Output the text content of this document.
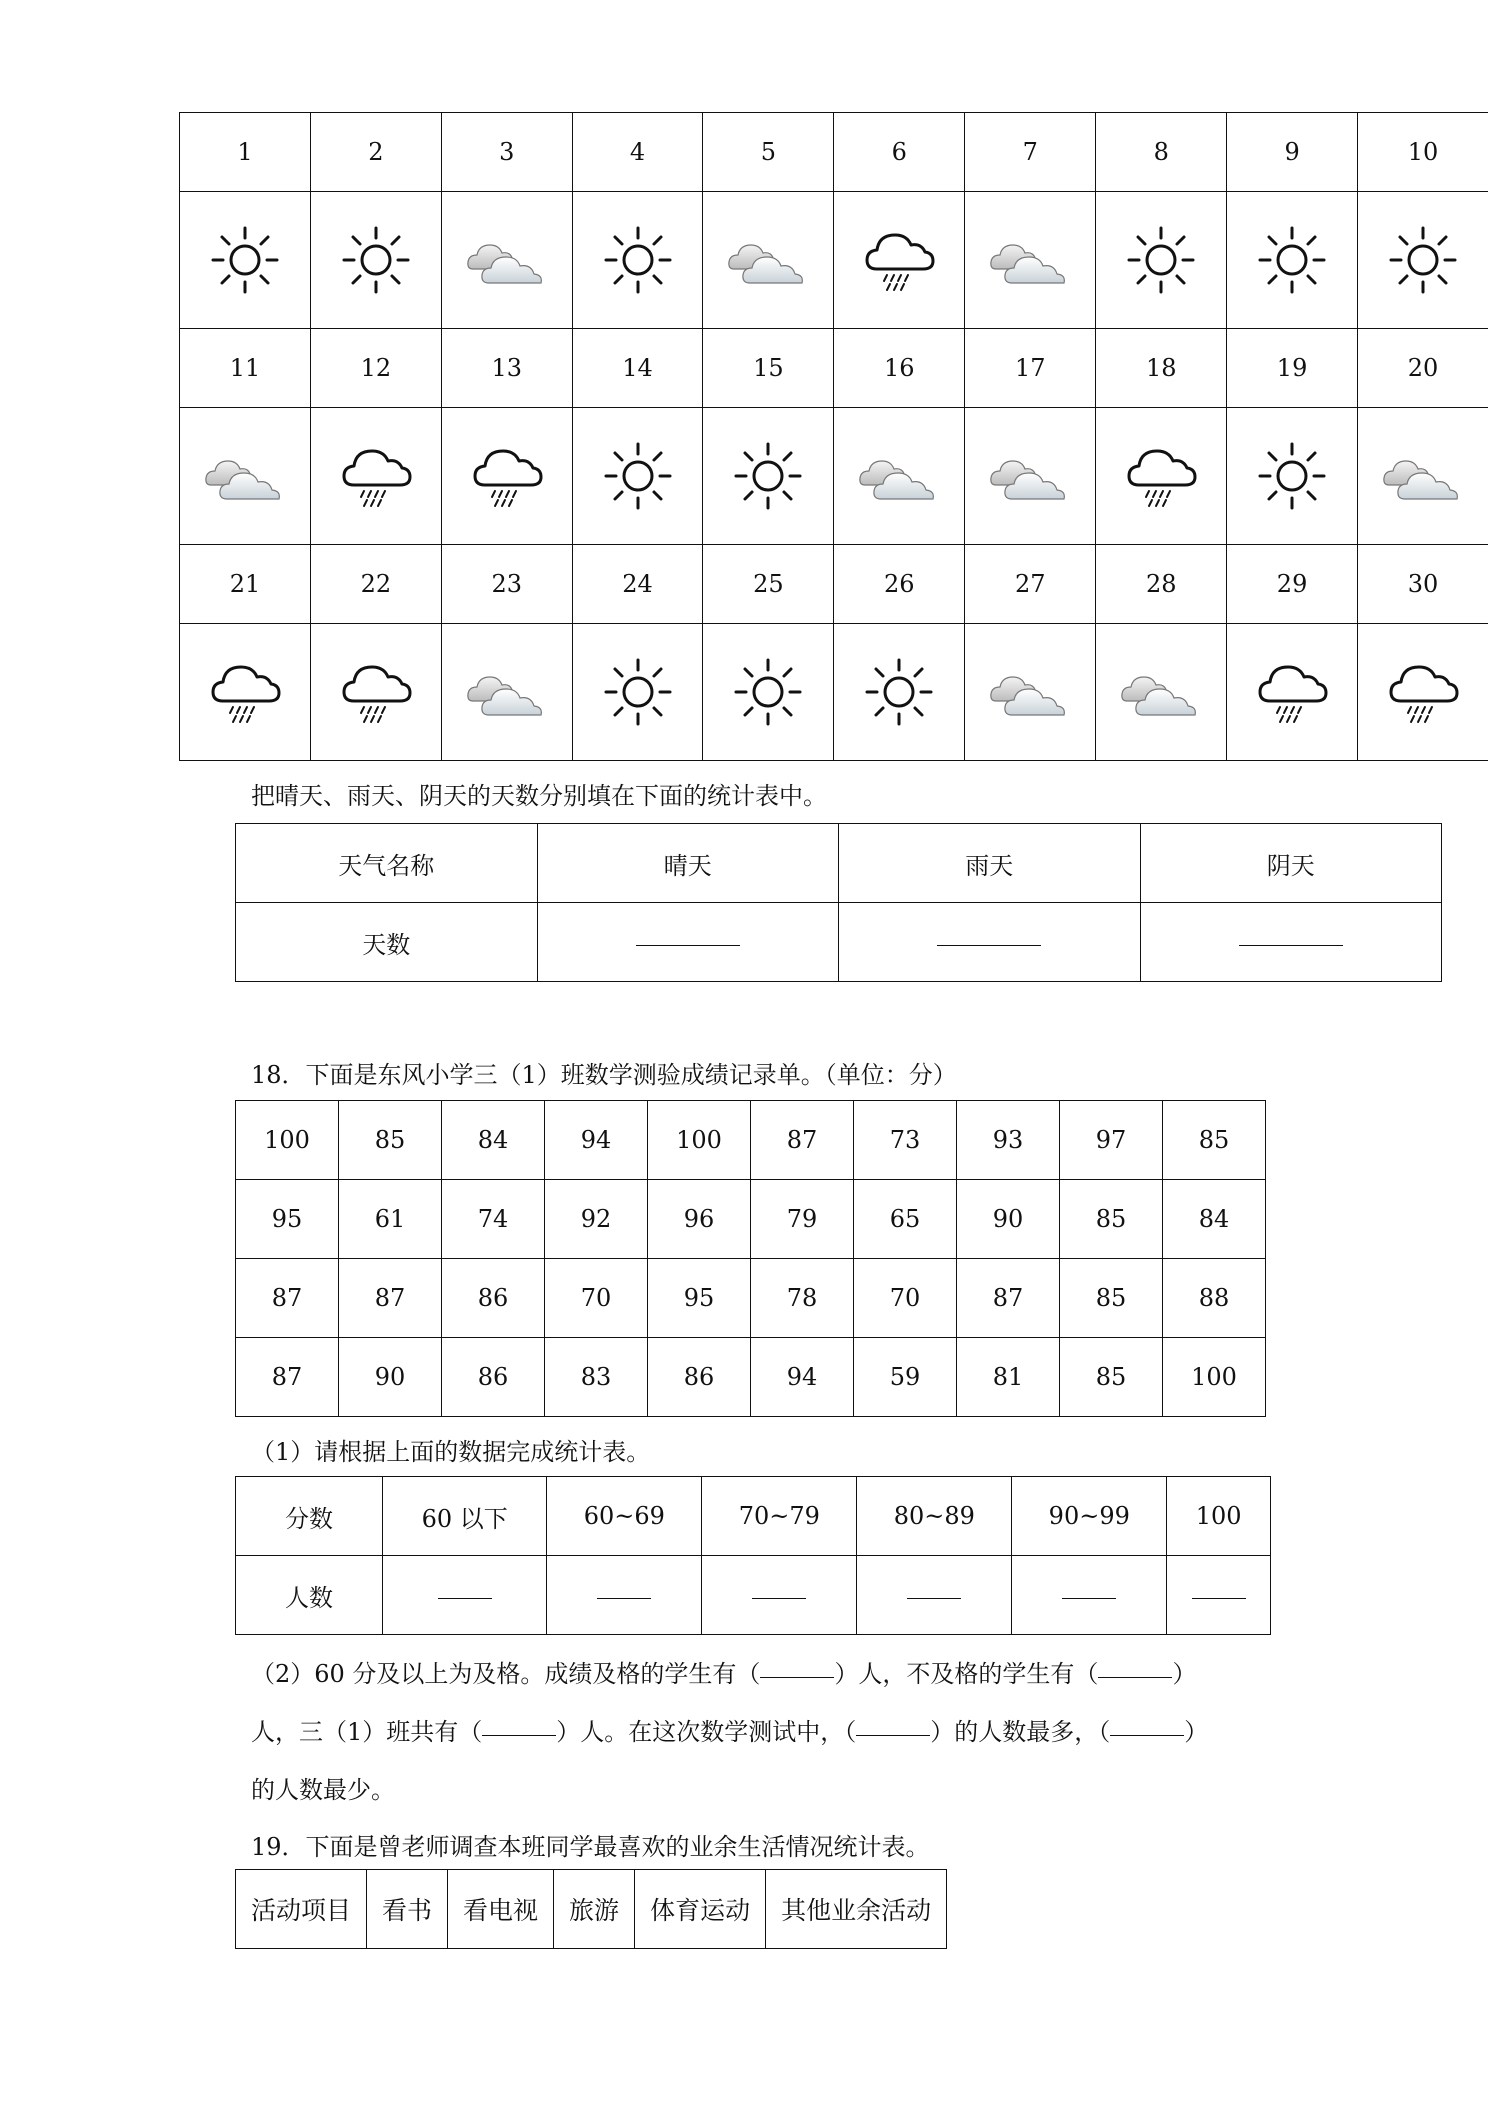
1	2	3	4	5	6	7	8	9	10

11	12	13	14	15	16	17	18	19	20

21	22	23	24	25	26	27	28	29	30

把晴天、雨天、阴天的天数分别填在下面的统计表中。
天气名称	晴天	雨天	阴天
天数			
18．下面是东风小学三（1）班数学测验成绩记录单。（单位：分）
100	85	84	94	100	87	73	93	97	85
95	61	74	92	96	79	65	90	85	84
87	87	86	70	95	78	70	87	85	88
87	90	86	83	86	94	59	81	85	100
（1）请根据上面的数据完成统计表。
分数	60 以下	60~69	70~79	80~89	90~99	100
人数						
（2）60 分及以上为及格。成绩及格的学生有（	）人，不及格的学生有（	）
人，三（1）班共有（	）人。在这次数学测试中，（	）的人数最多，（	）
的人数最少。
19．下面是曾老师调查本班同学最喜欢的业余生活情况统计表。
活动项目	看书	看电视	旅游	体育运动	其他业余活动
